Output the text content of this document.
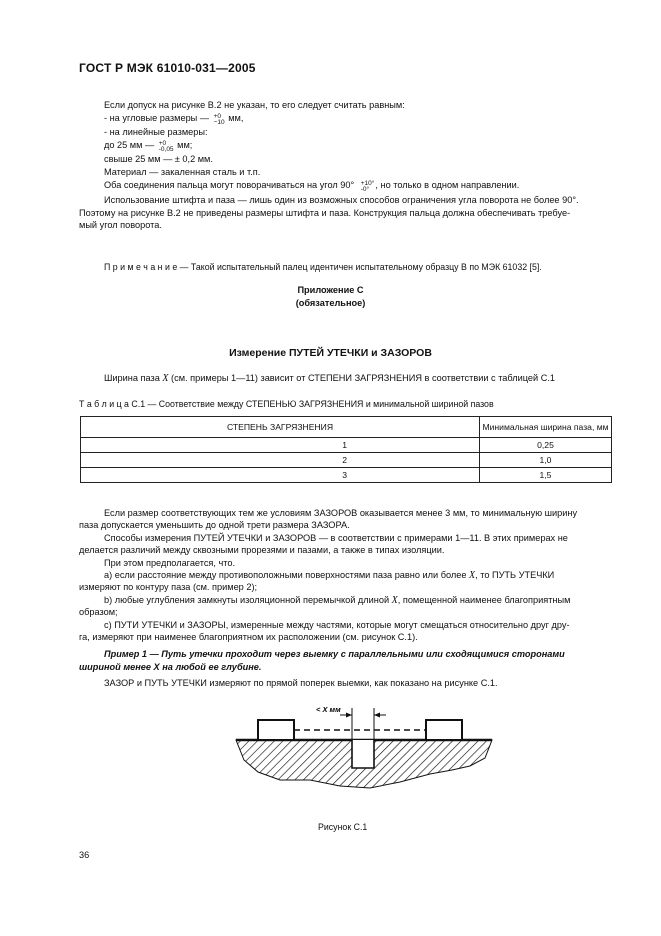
ГОСТ Р МЭК 61010-031—2005
Если допуск на рисунке В.2 не указан, то его следует считать равным:
- на угловые размеры — +0
−10 мм,
- на линейные размеры:
до 25 мм — +0
-0,05 мм;
свыше 25 мм — ± 0,2 мм.
Материал — закаленная сталь и т.п.
Оба соединения пальца могут поворачиваться на угол 90° +10°
-0° , но только в одном направлении.
Использование штифта и паза — лишь один из возможных способов ограничения угла поворота не более 90°.
Поэтому на рисунке В.2 не приведены размеры штифта и паза. Конструкция пальца должна обеспечивать требуе-
мый угол поворота.
П р и м е ч а н и е — Такой испытательный палец идентичен испытательному образцу В по МЭК 61032 [5].
Приложение С
(обязательное)
Измерение ПУТЕЙ УТЕЧКИ и ЗАЗОРОВ
Ширина паза X (см. примеры 1—11) зависит от СТЕПЕНИ ЗАГРЯЗНЕНИЯ в соответствии с таблицей С.1
Т а б л и ц а С.1 — Соответствие между СТЕПЕНЬЮ ЗАГРЯЗНЕНИЯ и минимальной шириной пазов
СТЕПЕНЬ ЗАГРЯЗНЕНИЯ	Минимальная ширина паза, мм
1	0,25
2	1,0
3	1,5
Если размер соответствующих тем же условиям ЗАЗОРОВ оказывается менее 3 мм, то минимальную ширину
паза допускается уменьшить до одной трети размера ЗАЗОРА.
Способы измерения ПУТЕЙ УТЕЧКИ и ЗАЗОРОВ — в соответствии с примерами 1—11. В этих примерах не
делается различий между сквозными прорезями и пазами, а также в типах изоляции.
При этом предполагается, что.
а) если расстояние между противоположными поверхностями паза равно или более X, то ПУТЬ УТЕЧКИ
измеряют по контуру паза (см. пример 2);
b) любые углубления замкнуты изоляционной перемычкой длиной X, помещенной наименее благоприятным
образом;
c) ПУТИ УТЕЧКИ и ЗАЗОРЫ, измеренные между частями, которые могут смещаться относительно друг дру-
га, измеряют при наименее благоприятном их расположении (см. рисунок С.1).
Пример 1 — Путь утечки проходит через выемку с параллельными или сходящимися сторонами
шириной менее X на любой ее глубине.
ЗАЗОР и ПУТЬ УТЕЧКИ измеряют по прямой поперек выемки, как показано на рисунке С.1.
< X мм
Рисунок С.1
36
